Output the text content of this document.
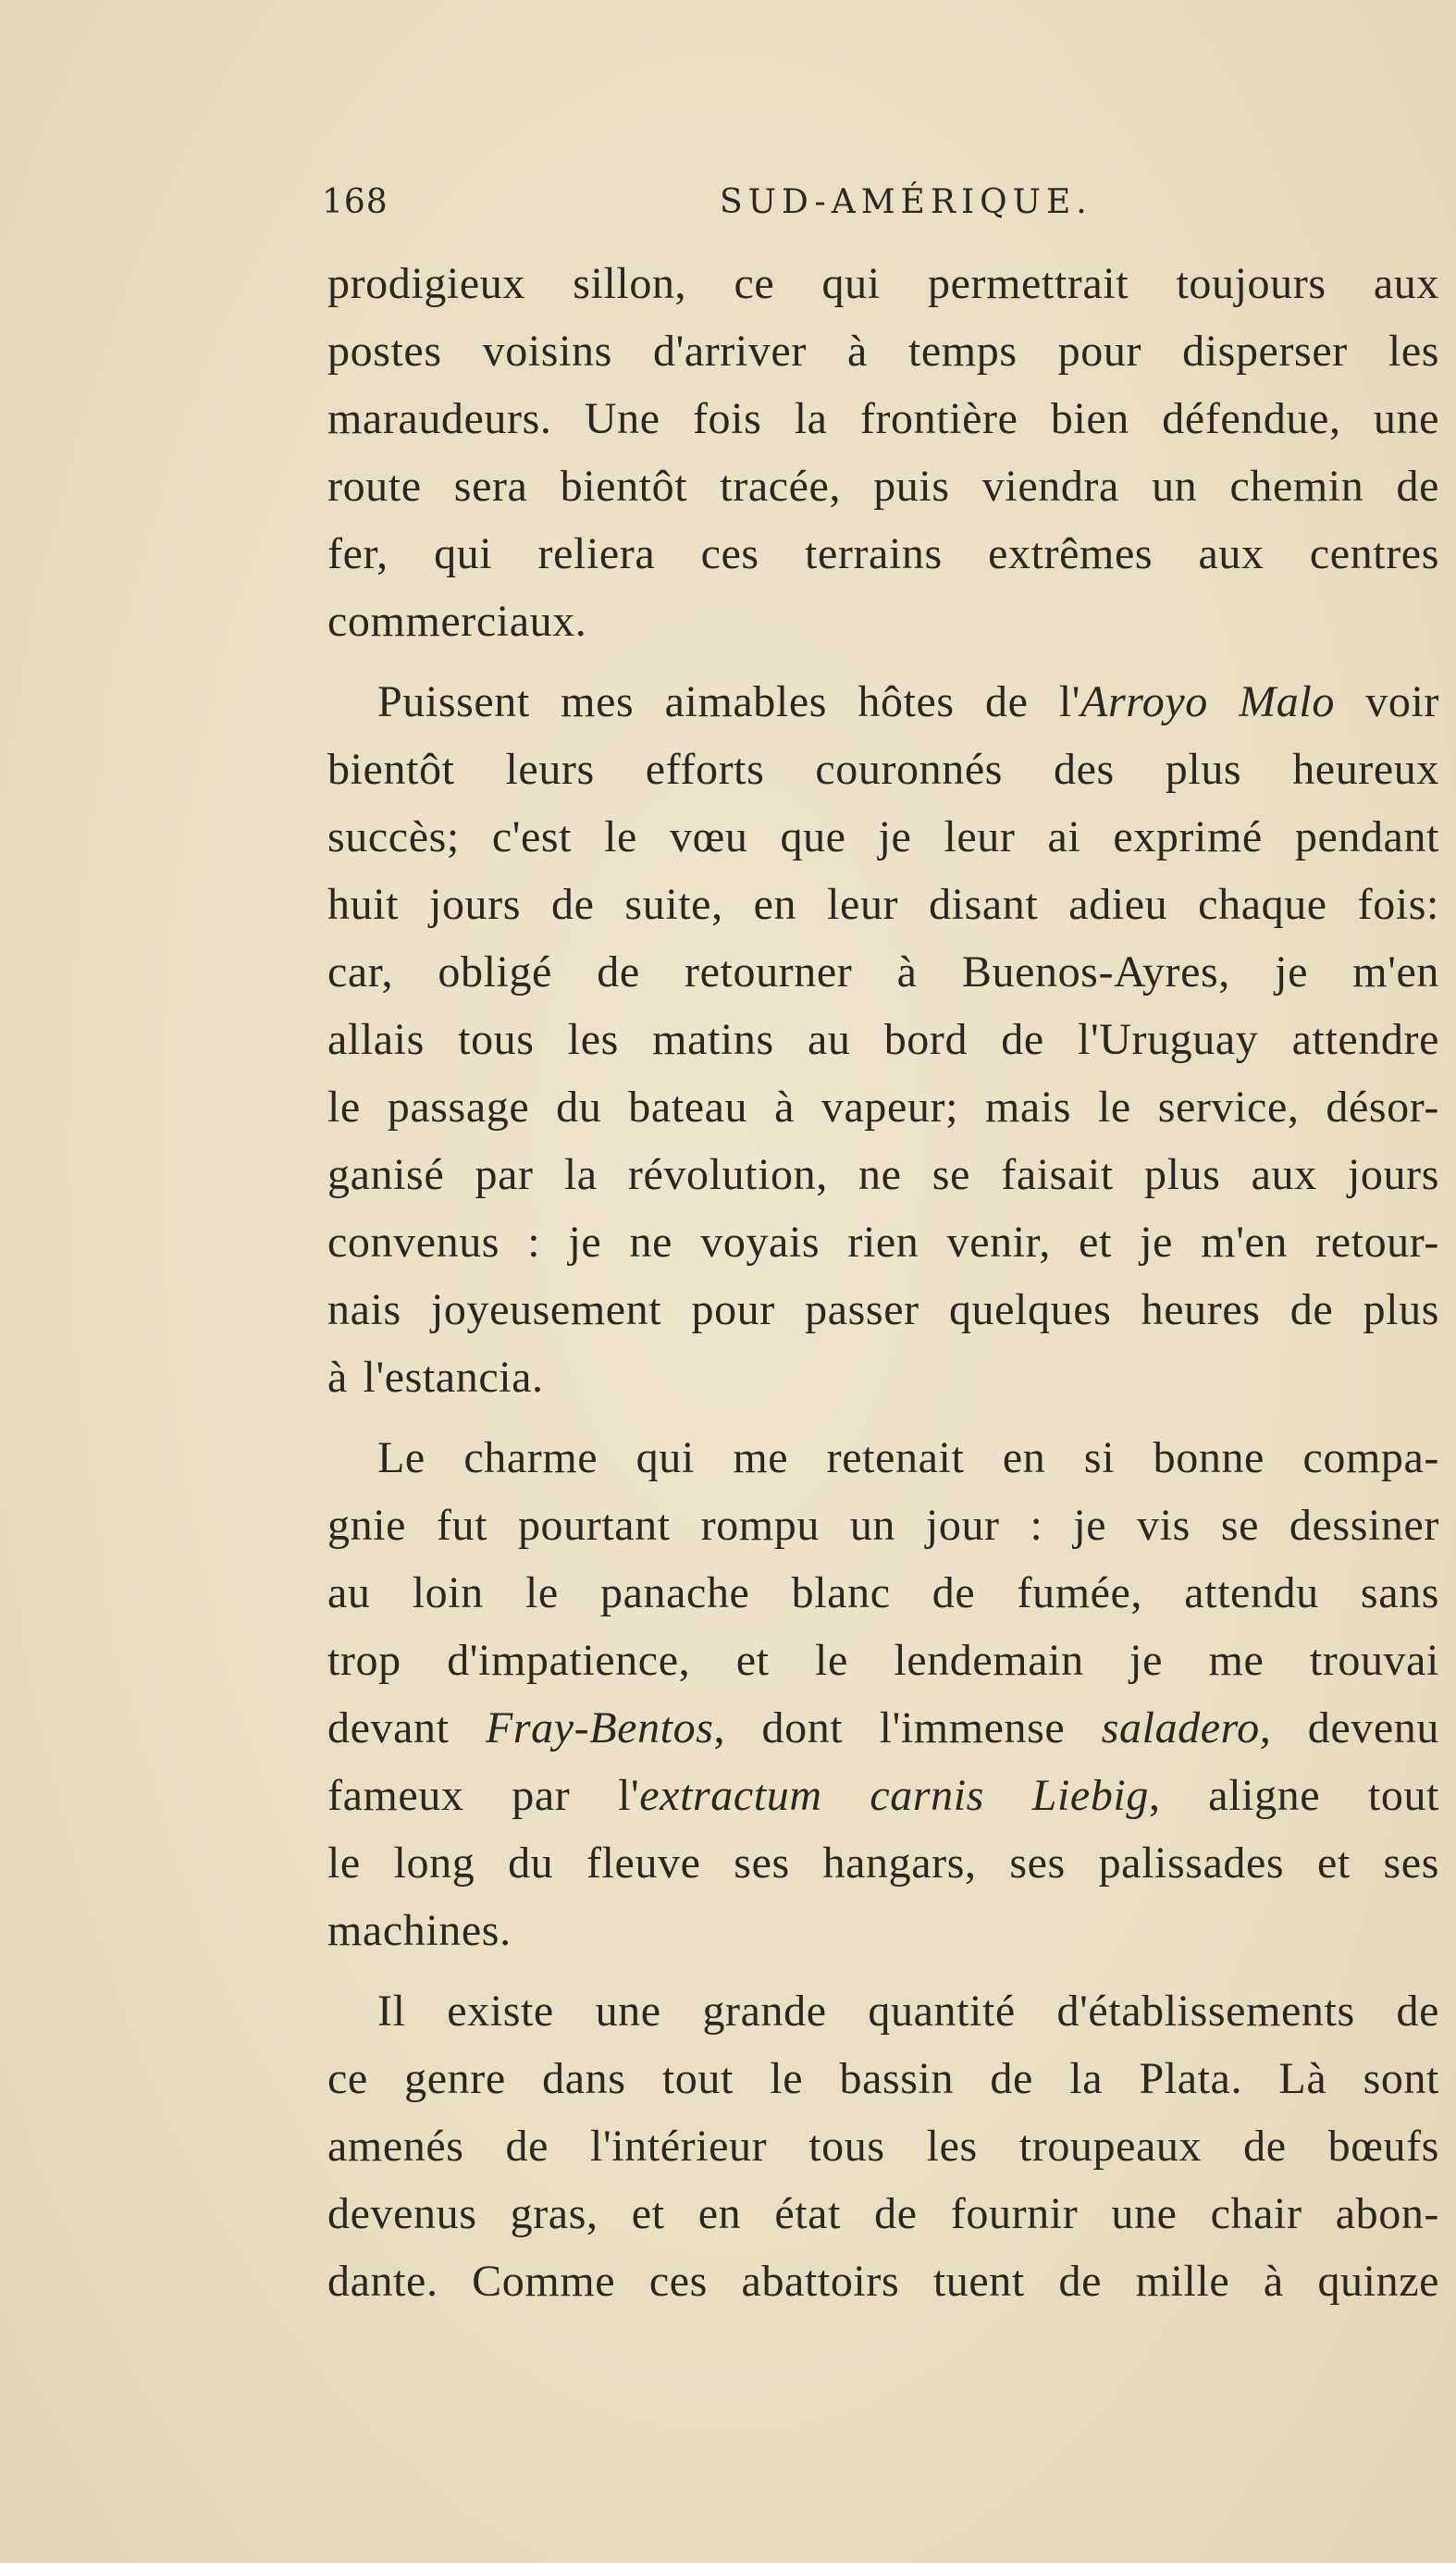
168	SUD-AMÉRIQUE.
prodigieux sillon, ce qui permettrait toujours aux
postes voisins d'arriver à temps pour disperser les
maraudeurs. Une fois la frontière bien défendue, une
route sera bientôt tracée, puis viendra un chemin de
fer, qui reliera ces terrains extrêmes aux centres
commerciaux.
Puissent mes aimables hôtes de l'Arroyo Malo voir
bientôt leurs efforts couronnés des plus heureux
succès; c'est le vœu que je leur ai exprimé pendant
huit jours de suite, en leur disant adieu chaque fois:
car, obligé de retourner à Buenos-Ayres, je m'en
allais tous les matins au bord de l'Uruguay attendre
le passage du bateau à vapeur; mais le service, désor-
ganisé par la révolution, ne se faisait plus aux jours
convenus : je ne voyais rien venir, et je m'en retour-
nais joyeusement pour passer quelques heures de plus
à l'estancia.
Le charme qui me retenait en si bonne compa-
gnie fut pourtant rompu un jour : je vis se dessiner
au loin le panache blanc de fumée, attendu sans
trop d'impatience, et le lendemain je me trouvai
devant Fray-Bentos, dont l'immense saladero, devenu
fameux par l'extractum carnis Liebig, aligne tout
le long du fleuve ses hangars, ses palissades et ses
machines.
Il existe une grande quantité d'établissements de
ce genre dans tout le bassin de la Plata. Là sont
amenés de l'intérieur tous les troupeaux de bœufs
devenus gras, et en état de fournir une chair abon-
dante. Comme ces abattoirs tuent de mille à quinze
